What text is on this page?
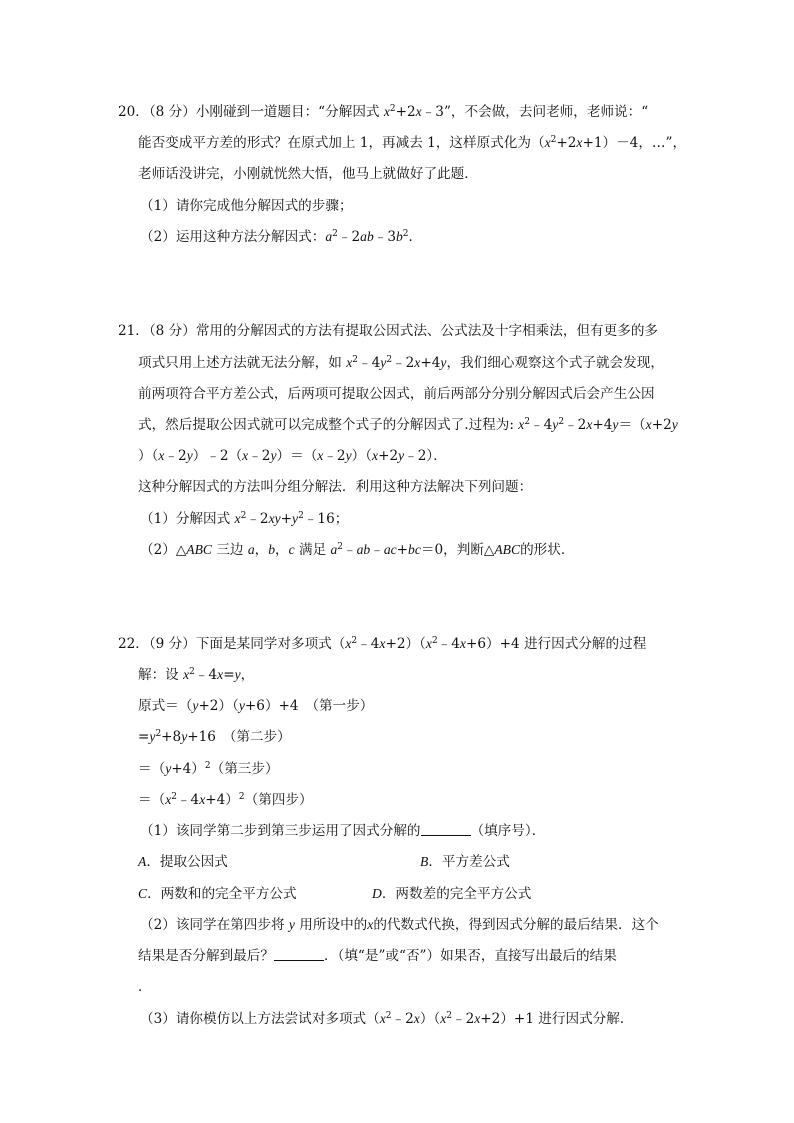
20．（8 分）小刚碰到一道题目：“分解因式 $x^2+2x﹣3$”，不会做，去问老师，老师说：“
能否变成平方差的形式？在原式加上 1，再减去 1，这样原式化为$(x^2+2x+1)-4$，…”，
老师话没讲完，小刚就恍然大悟，他马上就做好了此题．
（1）请你完成他分解因式的步骤；
（2）运用这种方法分解因式：$a^2﹣2ab﹣3b^2$．
21．（8 分）常用的分解因式的方法有提取公因式法、公式法及十字相乘法，但有更多的多
项式只用上述方法就无法分解，如 $x^2﹣4y^2﹣2x+4y$，我们细心观察这个式子就会发现，
前两项符合平方差公式，后两项可提取公因式，前后两部分分别分解因式后会产生公因
式，然后提取公因式就可以完成整个式子的分解因式了.过程为: $x^2﹣4y^2﹣2x+4y=(x+2y$
）（x﹣2y）﹣2（x﹣2y）＝（x﹣2y）（x+2y﹣2）．
这种分解因式的方法叫分组分解法．利用这种方法解决下列问题：
（1）分解因式 $x^2﹣2xy+y^2﹣16$；
（2）△ABC 三边 a，b，c 满足 $a^2﹣ab﹣ac+bc=0$，判断△ABC的形状．
22．（9 分）下面是某同学对多项式$(x^2﹣4x+2)(x^2﹣4x+6)+4$ 进行因式分解的过程
解：设 $x^2﹣4x=y$，
原式＝（y+2）（y+6）+4　（第一步）
$=y^2+8y+16$　（第二步）
$=(y+4)^2$（第三步）
$=(x^2﹣4x+4)^2$（第四步）
（1）该同学第二步到第三步运用了因式分解的	（填序号）．
A．提取公因式	B．平方差公式
C．两数和的完全平方公式	D．两数差的完全平方公式
（2）该同学在第四步将 y 用所设中的x的代数式代换，得到因式分解的最后结果．这个
结果是否分解到最后？	．（填“是”或“否”）如果否，直接写出最后的结果
．
（3）请你模仿以上方法尝试对多项式$(x^2﹣2x)(x^2﹣2x+2)+1$ 进行因式分解．
